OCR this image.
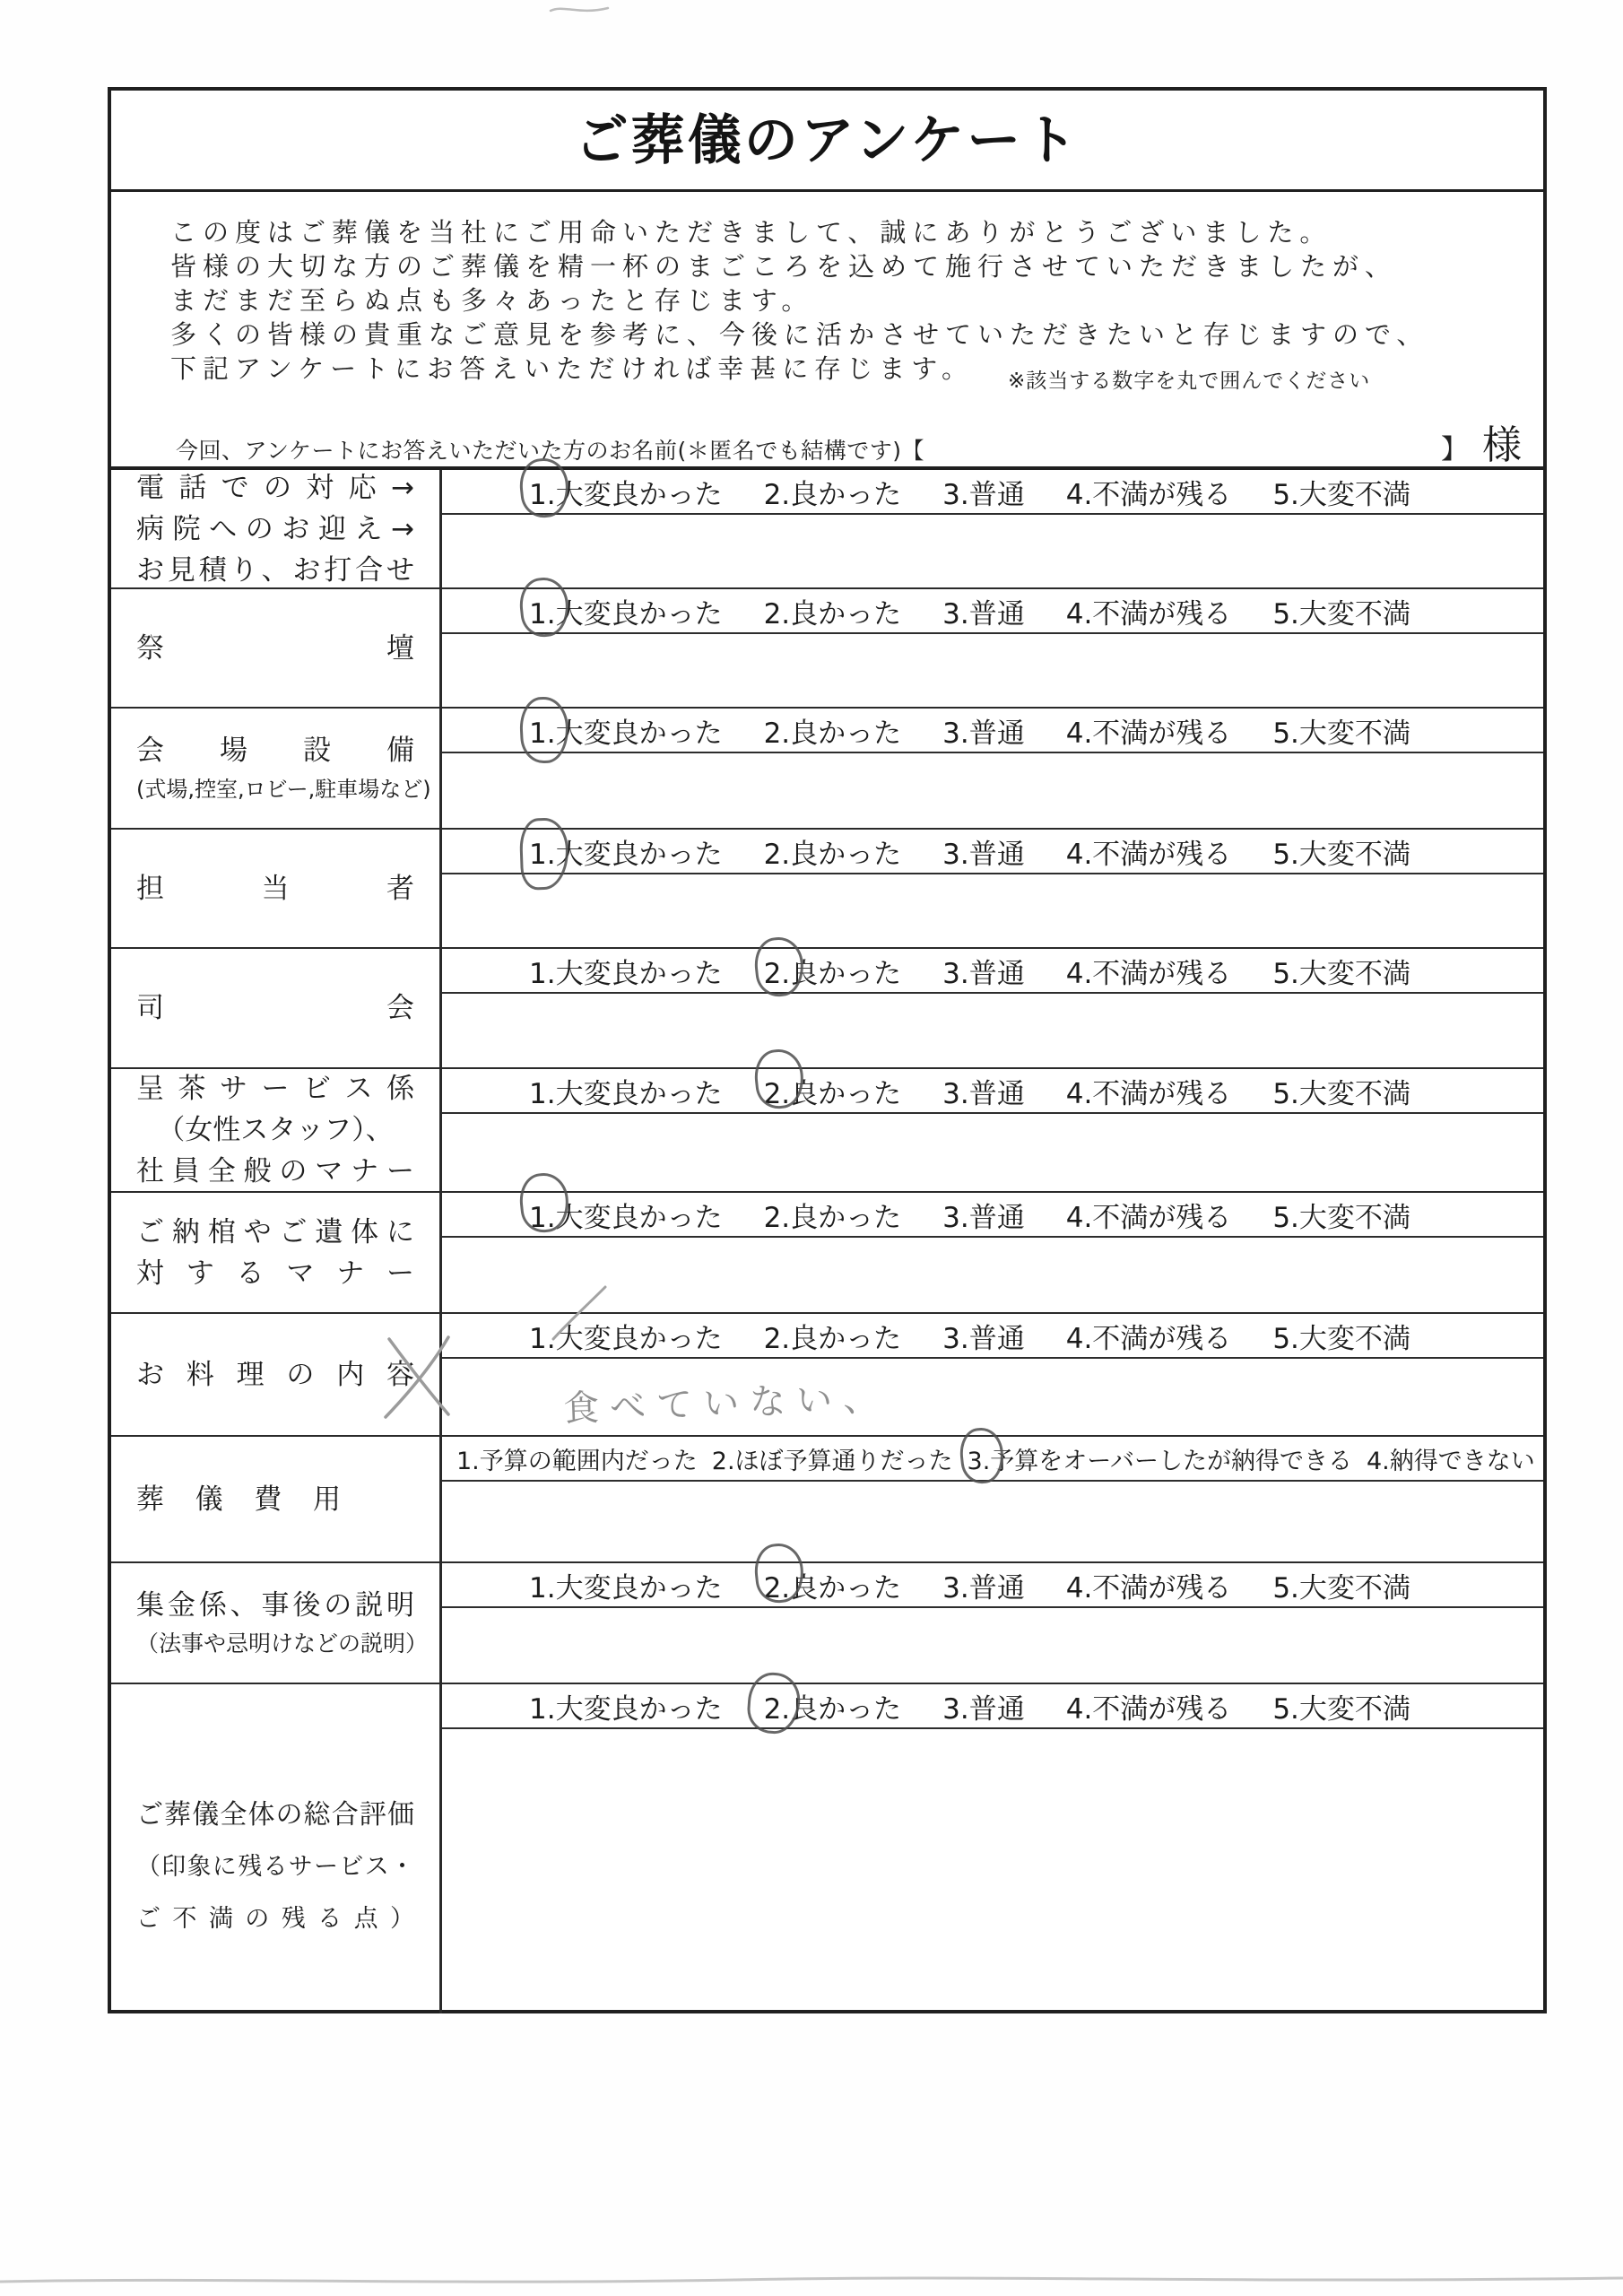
ご葬儀のアンケート
この度はご葬儀を当社にご用命いただきまして、誠にありがとうございました。
皆様の大切な方のご葬儀を精一杯のまごころを込めて施行させていただきましたが、
まだまだ至らぬ点も多々あったと存じます。
多くの皆様の貴重なご意見を参考に、今後に活かさせていただきたいと存じますので、
下記アンケートにお答えいただければ幸甚に存じます。	※該当する数字を丸で囲んでください
今回、アンケートにお答えいただいた方のお名前(＊匿名でも結構です)【	】 様
電話での対応→
病院へのお迎え→
お見積り、お打合せ
1.大変良かった 2.良かった 3.普通 4.不満が残る 5.大変不満
祭壇
1.大変良かった 2.良かった 3.普通 4.不満が残る 5.大変不満
会場設備
(式場,控室,ロビー,駐車場など)
1.大変良かった 2.良かった 3.普通 4.不満が残る 5.大変不満
担当者
1.大変良かった 2.良かった 3.普通 4.不満が残る 5.大変不満
司会
1.大変良かった 2.良かった 3.普通 4.不満が残る 5.大変不満
呈茶サービス係
（女性スタッフ）、
社員全般のマナー
1.大変良かった 2.良かった 3.普通 4.不満が残る 5.大変不満
ご納棺やご遺体に
対するマナー
1.大変良かった 2.良かった 3.普通 4.不満が残る 5.大変不満
お料理の内容
1.大変良かった 2.良かった 3.普通 4.不満が残る 5.大変不満
食べていない、
葬儀費用
1.予算の範囲内だった 2.ほぼ予算通りだった 3.予算をオーバーしたが納得できる 4.納得できない
集金係、事後の説明
（法事や忌明けなどの説明）
1.大変良かった 2.良かった 3.普通 4.不満が残る 5.大変不満
ご葬儀全体の総合評価
（印象に残るサービス・
ご不満の残る点）
1.大変良かった 2.良かった 3.普通 4.不満が残る 5.大変不満
